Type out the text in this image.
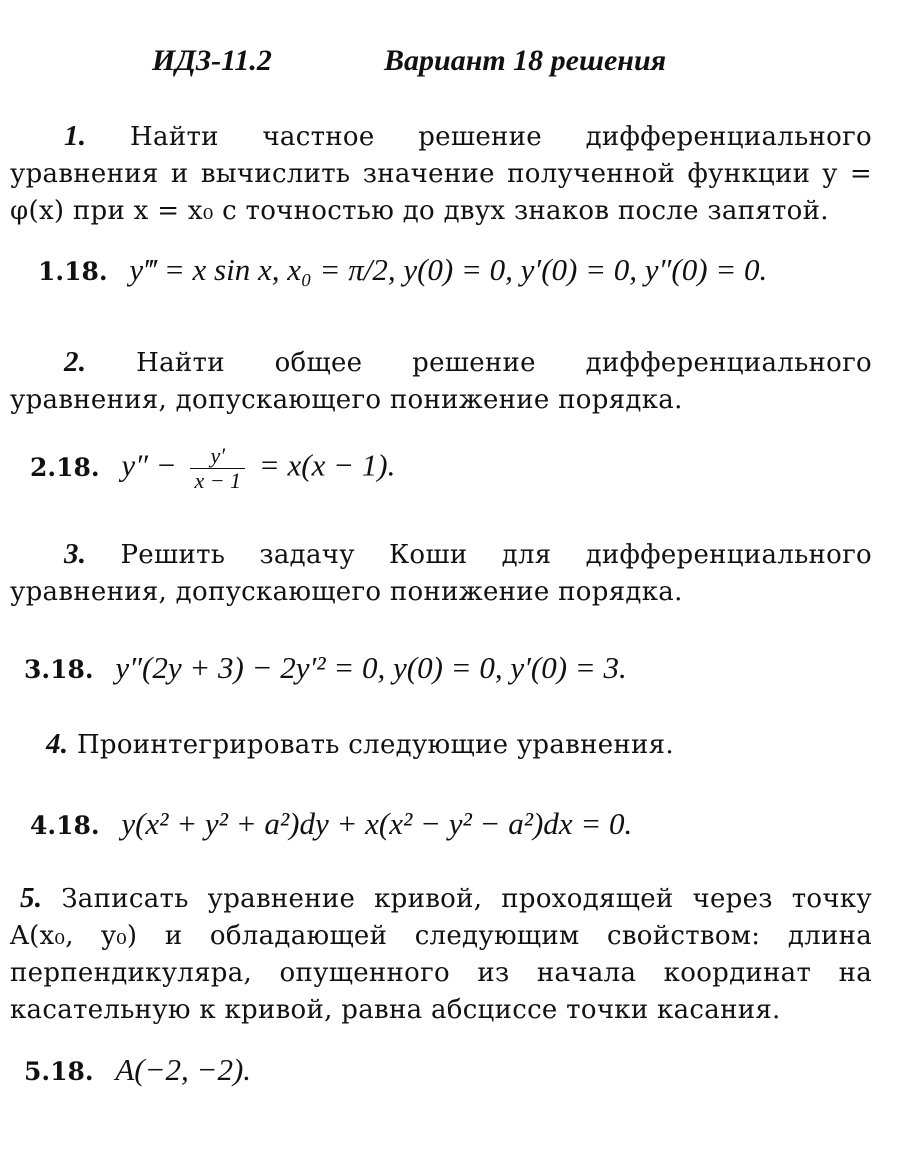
ИДЗ-11.2	Вариант 18 решения
1. Найти частное решение дифференциального уравнения и вычислить значение полученной функции y = φ(x) при x = x₀ с точностью до двух знаков после запятой.
1.18. y‴ = x sin x, x₀ = π/2, y(0) = 0, y′(0) = 0, y″(0) = 0.
2. Найти общее решение дифференциального уравнения, допускающего понижение порядка.
2.18. $y'' - \frac{y'}{x - 1} = x(x - 1)$.
3. Решить задачу Коши для дифференциального уравнения, допускающего понижение порядка.
3.18. y″(2y + 3) − 2y′² = 0, y(0) = 0, y′(0) = 3.
4. Проинтегрировать следующие уравнения.
4.18. y(x² + y² + a²)dy + x(x² − y² − a²)dx = 0.
5. Записать уравнение кривой, проходящей через точку A(x₀, y₀) и обладающей следующим свойством: длина перпендикуляра, опущенного из начала координат на касательную к кривой, равна абсциссе точки касания.
5.18. A(−2, −2).
